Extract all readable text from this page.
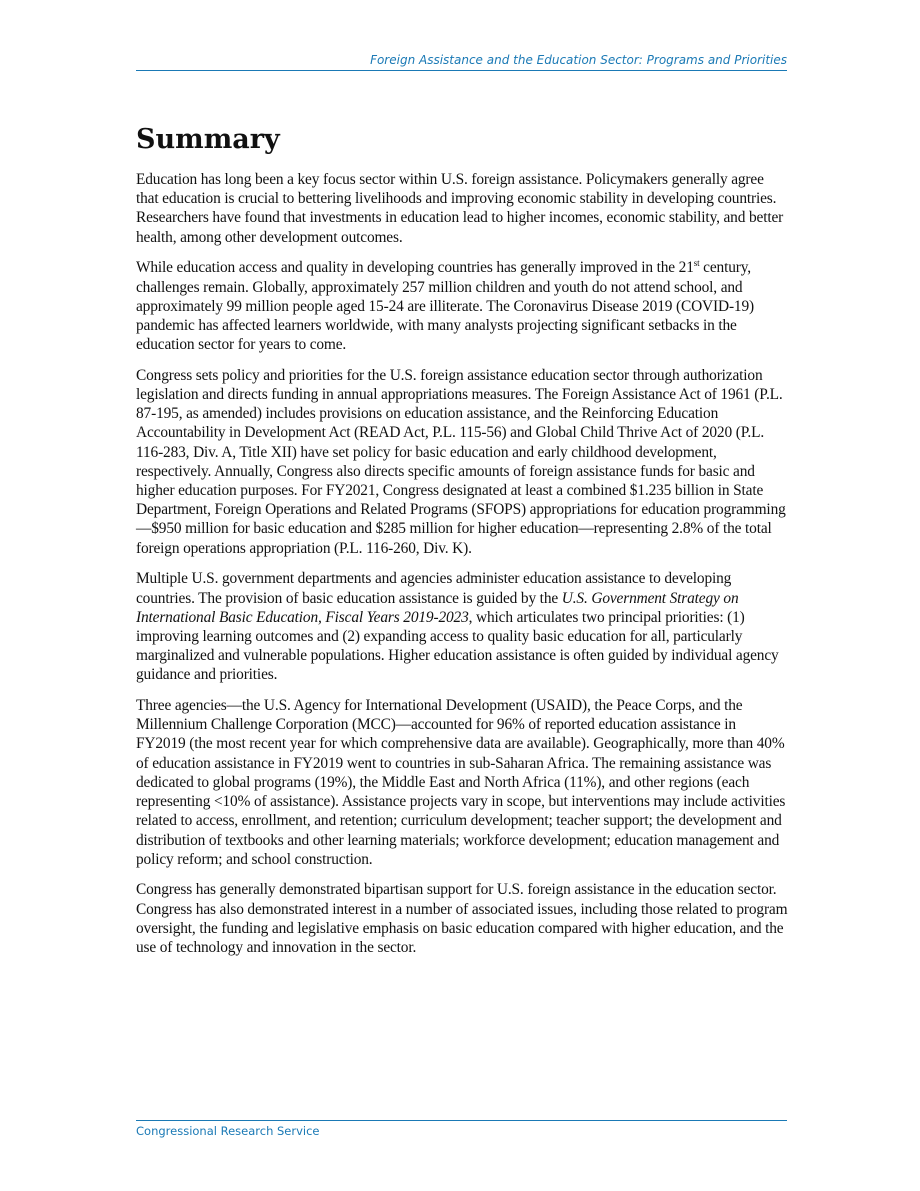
Foreign Assistance and the Education Sector: Programs and Priorities
Summary

Education has long been a key focus sector within U.S. foreign assistance. Policymakers generally agree that education is crucial to bettering livelihoods and improving economic stability in developing countries. Researchers have found that investments in education lead to higher incomes, economic stability, and better health, among other development outcomes.

While education access and quality in developing countries has generally improved in the 21st century, challenges remain. Globally, approximately 257 million children and youth do not attend school, and approximately 99 million people aged 15-24 are illiterate. The Coronavirus Disease 2019 (COVID-19) pandemic has affected learners worldwide, with many analysts projecting significant setbacks in the education sector for years to come.

Congress sets policy and priorities for the U.S. foreign assistance education sector through authorization legislation and directs funding in annual appropriations measures. The Foreign Assistance Act of 1961 (P.L. 87-195, as amended) includes provisions on education assistance, and the Reinforcing Education Accountability in Development Act (READ Act, P.L. 115-56) and Global Child Thrive Act of 2020 (P.L. 116-283, Div. A, Title XII) have set policy for basic education and early childhood development, respectively. Annually, Congress also directs specific amounts of foreign assistance funds for basic and higher education purposes. For FY2021, Congress designated at least a combined $1.235 billion in State Department, Foreign Operations and Related Programs (SFOPS) appropriations for education programming—$950 million for basic education and $285 million for higher education—representing 2.8% of the total foreign operations appropriation (P.L. 116-260, Div. K).

Multiple U.S. government departments and agencies administer education assistance to developing countries. The provision of basic education assistance is guided by the U.S. Government Strategy on International Basic Education, Fiscal Years 2019-2023, which articulates two principal priorities: (1) improving learning outcomes and (2) expanding access to quality basic education for all, particularly marginalized and vulnerable populations. Higher education assistance is often guided by individual agency guidance and priorities.

Three agencies—the U.S. Agency for International Development (USAID), the Peace Corps, and the Millennium Challenge Corporation (MCC)—accounted for 96% of reported education assistance in FY2019 (the most recent year for which comprehensive data are available). Geographically, more than 40% of education assistance in FY2019 went to countries in sub-Saharan Africa. The remaining assistance was dedicated to global programs (19%), the Middle East and North Africa (11%), and other regions (each representing <10% of assistance). Assistance projects vary in scope, but interventions may include activities related to access, enrollment, and retention; curriculum development; teacher support; the development and distribution of textbooks and other learning materials; workforce development; education management and policy reform; and school construction.

Congress has generally demonstrated bipartisan support for U.S. foreign assistance in the education sector. Congress has also demonstrated interest in a number of associated issues, including those related to program oversight, the funding and legislative emphasis on basic education compared with higher education, and the use of technology and innovation in the sector.

Congressional Research Service
